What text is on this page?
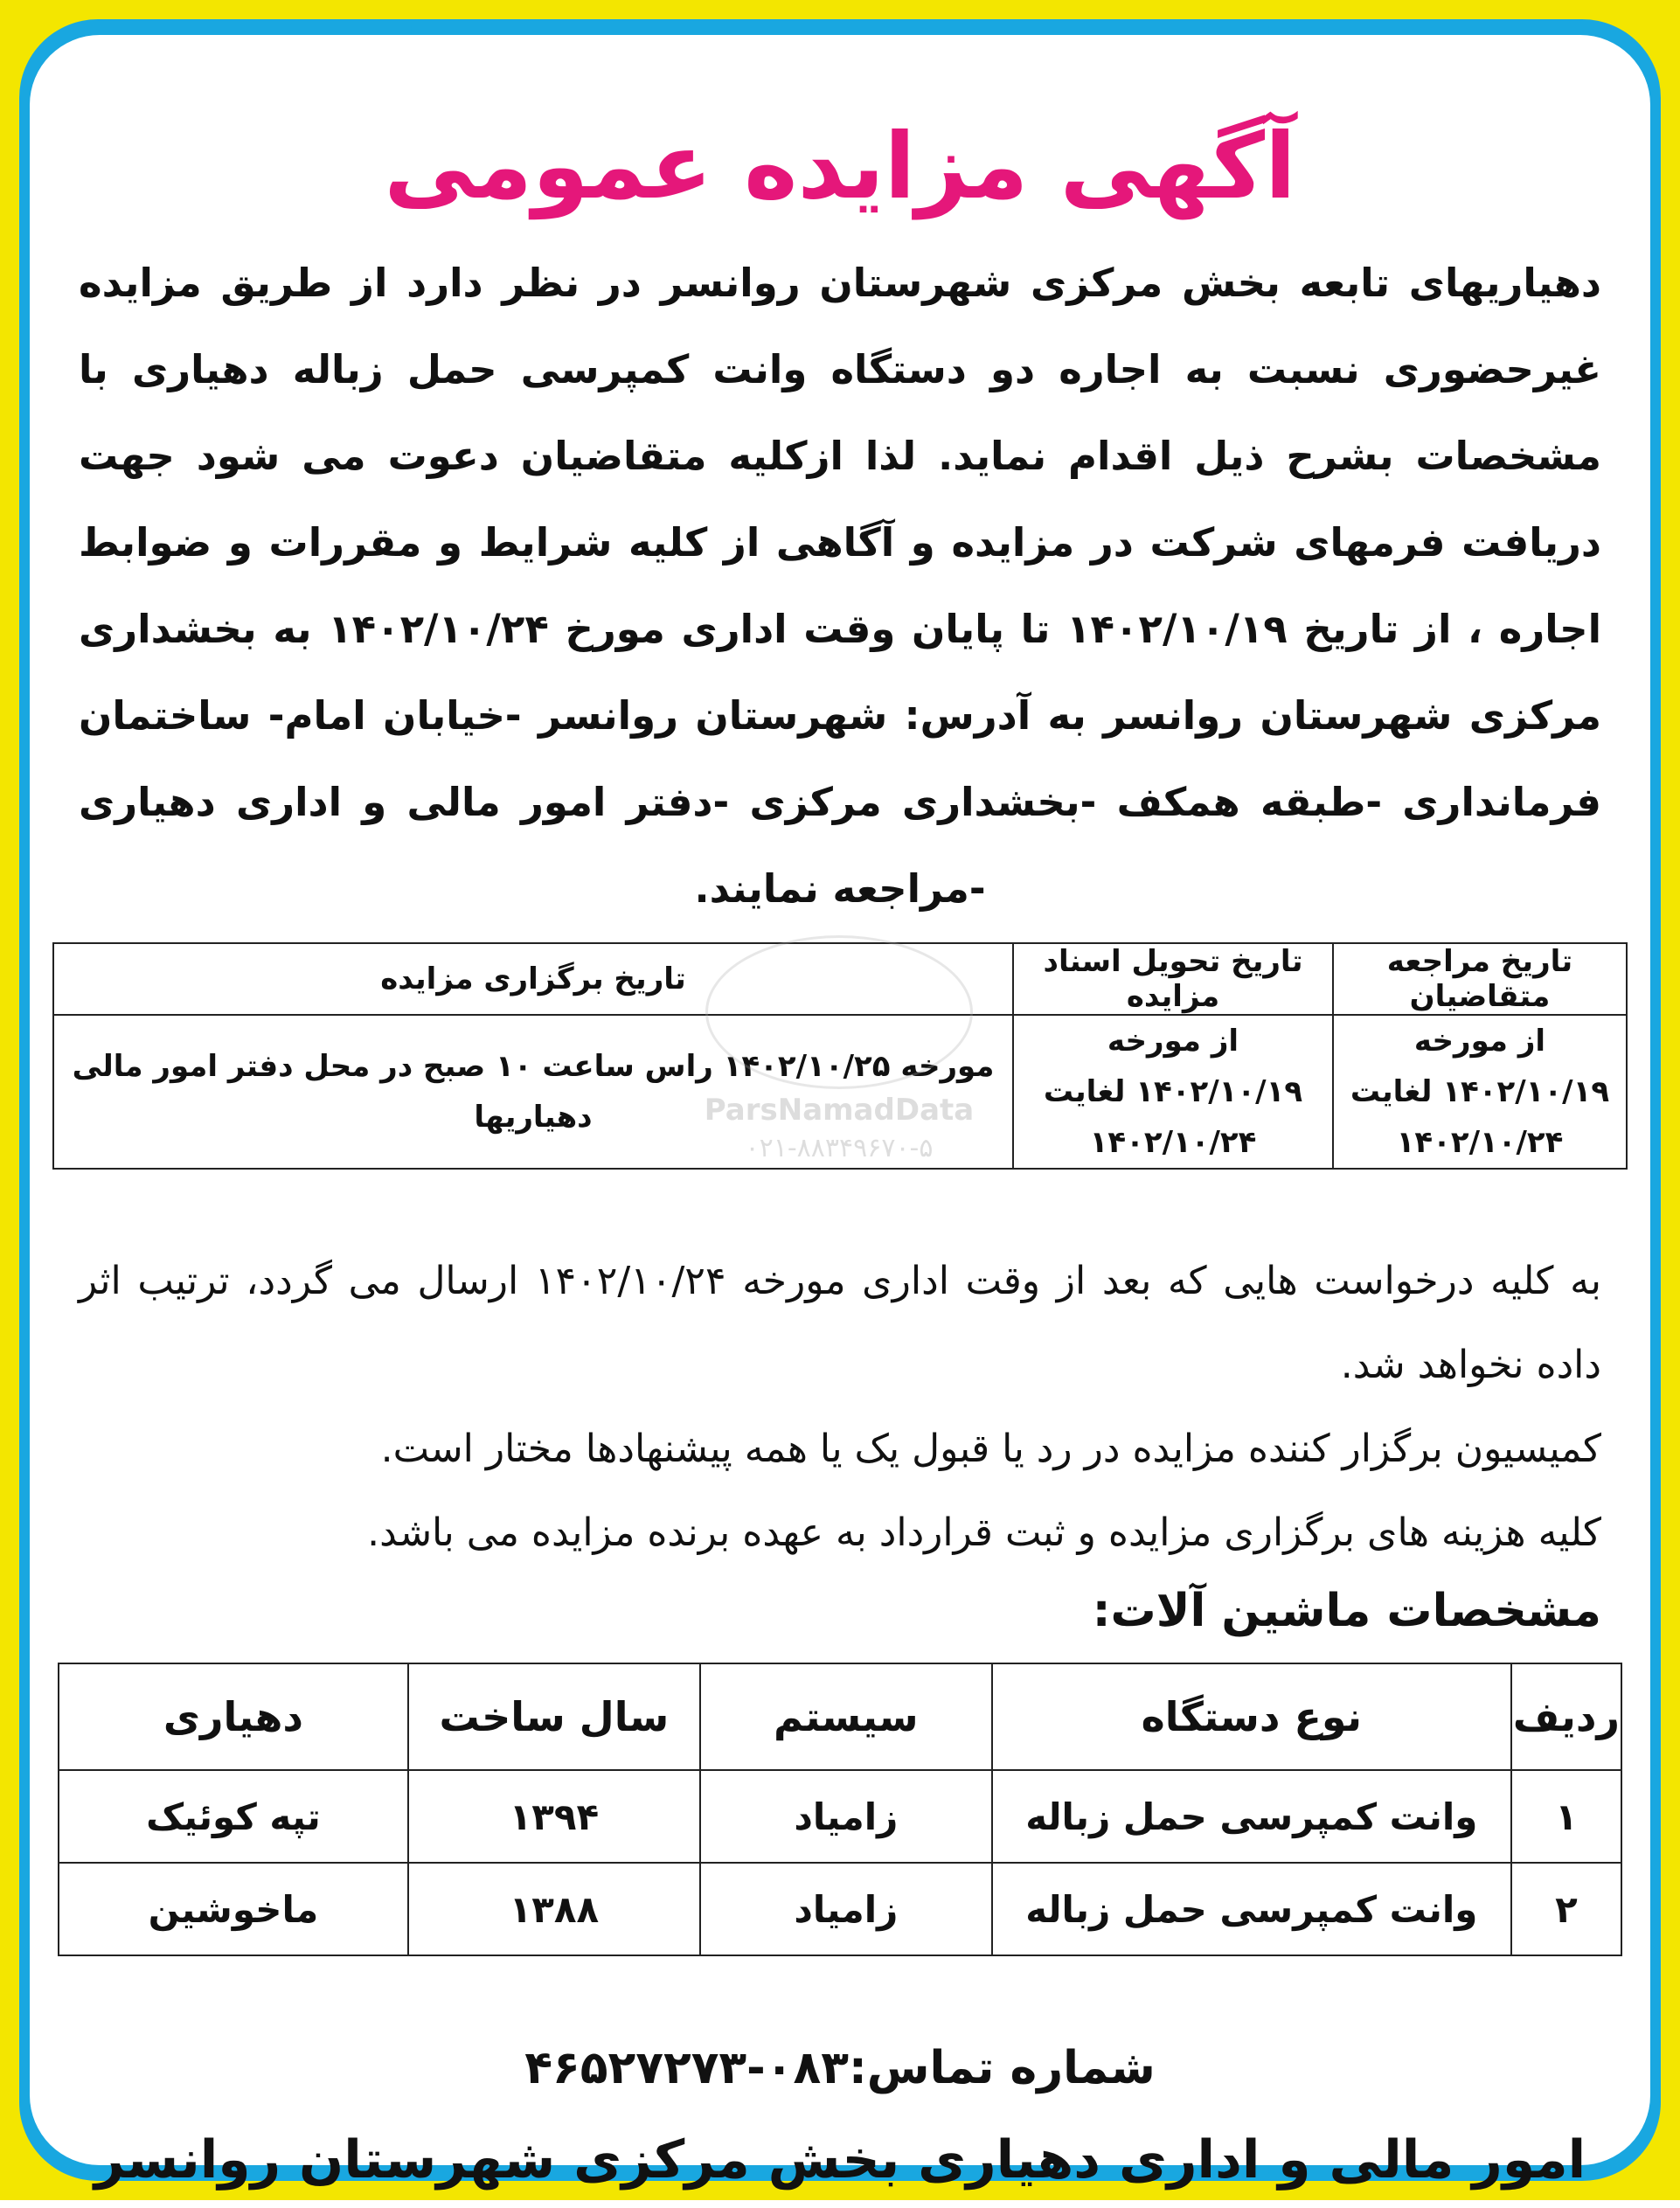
آگهی مزایده عمومی
دهیاریهای تابعه بخش مرکزی شهرستان روانسر در نظر دارد از طریق مزایده غیرحضوری نسبت به اجاره دو دستگاه وانت کمپرسی حمل زباله دهیاری با مشخصات بشرح ذیل اقدام نماید. لذا ازکلیه متقاضیان دعوت می شود جهت دریافت فرمهای شرکت در مزایده و آگاهی از کلیه شرایط و مقررات و ضوابط اجاره ، از تاریخ ۱۴۰۲/۱۰/۱۹ تا پایان وقت اداری مورخ ۱۴۰۲/۱۰/۲۴ به بخشداری مرکزی شهرستان روانسر به آدرس: شهرستان روانسر -خیابان امام- ساختمان فرمانداری -طبقه همکف -بخشداری مرکزی -دفتر امور مالی و اداری دهیاری -مراجعه نمایند.
تاریخ مراجعه متقاضیان	تاریخ تحویل اسناد مزایده	تاریخ برگزاری مزایده
از مورخه ۱۴۰۲/۱۰/۱۹ لغایت ۱۴۰۲/۱۰/۲۴	از مورخه ۱۴۰۲/۱۰/۱۹ لغایت ۱۴۰۲/۱۰/۲۴	مورخه ۱۴۰۲/۱۰/۲۵ راس ساعت ۱۰ صبح در محل دفتر امور مالی دهیاریها

به کلیه درخواست هایی که بعد از وقت اداری مورخه ۱۴۰۲/۱۰/۲۴ ارسال می گردد، ترتیب اثر داده نخواهد شد.

کمیسیون برگزار کننده مزایده در رد یا قبول یک یا همه پیشنهادها مختار است.

کلیه هزینه های برگزاری مزایده و ثبت قرارداد به عهده برنده مزایده می باشد.

مشخصات ماشین آلات:
ردیف	نوع دستگاه	سیستم	سال ساخت	دهیاری
۱	وانت کمپرسی حمل زباله	زامیاد	۱۳۹۴	تپه کوئیک
۲	وانت کمپرسی حمل زباله	زامیاد	۱۳۸۸	ماخوشین
شماره تماس:۰۸۳-۴۶۵۲۷۲۷۳
امور مالی و اداری دهیاری بخش مرکزی شهرستان روانسر
ParsNamadData
۰۲۱-۸۸۳۴۹۶۷۰-۵
